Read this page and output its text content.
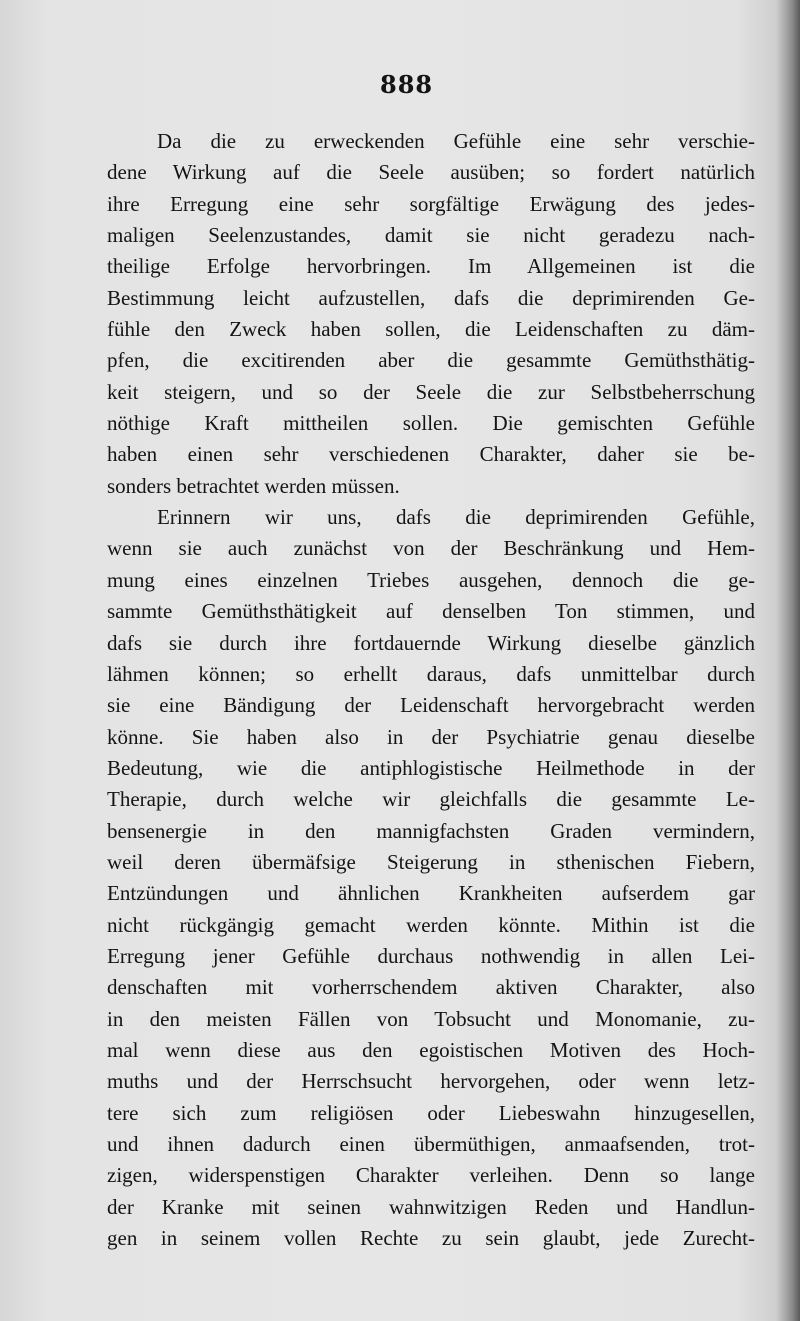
888
Da die zu erweckenden Gefühle eine sehr verschie-
dene Wirkung auf die Seele ausüben; so fordert natürlich
ihre Erregung eine sehr sorgfältige Erwägung des jedes-
maligen Seelenzustandes, damit sie nicht geradezu nach-
theilige Erfolge hervorbringen. Im Allgemeinen ist die
Bestimmung leicht aufzustellen, dafs die deprimirenden Ge-
fühle den Zweck haben sollen, die Leidenschaften zu däm-
pfen, die excitirenden aber die gesammte Gemüthsthätig-
keit steigern, und so der Seele die zur Selbstbeherrschung
nöthige Kraft mittheilen sollen. Die gemischten Gefühle
haben einen sehr verschiedenen Charakter, daher sie be-
sonders betrachtet werden müssen.
Erinnern wir uns, dafs die deprimirenden Gefühle,
wenn sie auch zunächst von der Beschränkung und Hem-
mung eines einzelnen Triebes ausgehen, dennoch die ge-
sammte Gemüthsthätigkeit auf denselben Ton stimmen, und
dafs sie durch ihre fortdauernde Wirkung dieselbe gänzlich
lähmen können; so erhellt daraus, dafs unmittelbar durch
sie eine Bändigung der Leidenschaft hervorgebracht werden
könne. Sie haben also in der Psychiatrie genau dieselbe
Bedeutung, wie die antiphlogistische Heilmethode in der
Therapie, durch welche wir gleichfalls die gesammte Le-
bensenergie in den mannigfachsten Graden vermindern,
weil deren übermäfsige Steigerung in sthenischen Fiebern,
Entzündungen und ähnlichen Krankheiten aufserdem gar
nicht rückgängig gemacht werden könnte. Mithin ist die
Erregung jener Gefühle durchaus nothwendig in allen Lei-
denschaften mit vorherrschendem aktiven Charakter, also
in den meisten Fällen von Tobsucht und Monomanie, zu-
mal wenn diese aus den egoistischen Motiven des Hoch-
muths und der Herrschsucht hervorgehen, oder wenn letz-
tere sich zum religiösen oder Liebeswahn hinzugesellen,
und ihnen dadurch einen übermüthigen, anmaafsenden, trot-
zigen, widerspenstigen Charakter verleihen. Denn so lange
der Kranke mit seinen wahnwitzigen Reden und Handlun-
gen in seinem vollen Rechte zu sein glaubt, jede Zurecht-
